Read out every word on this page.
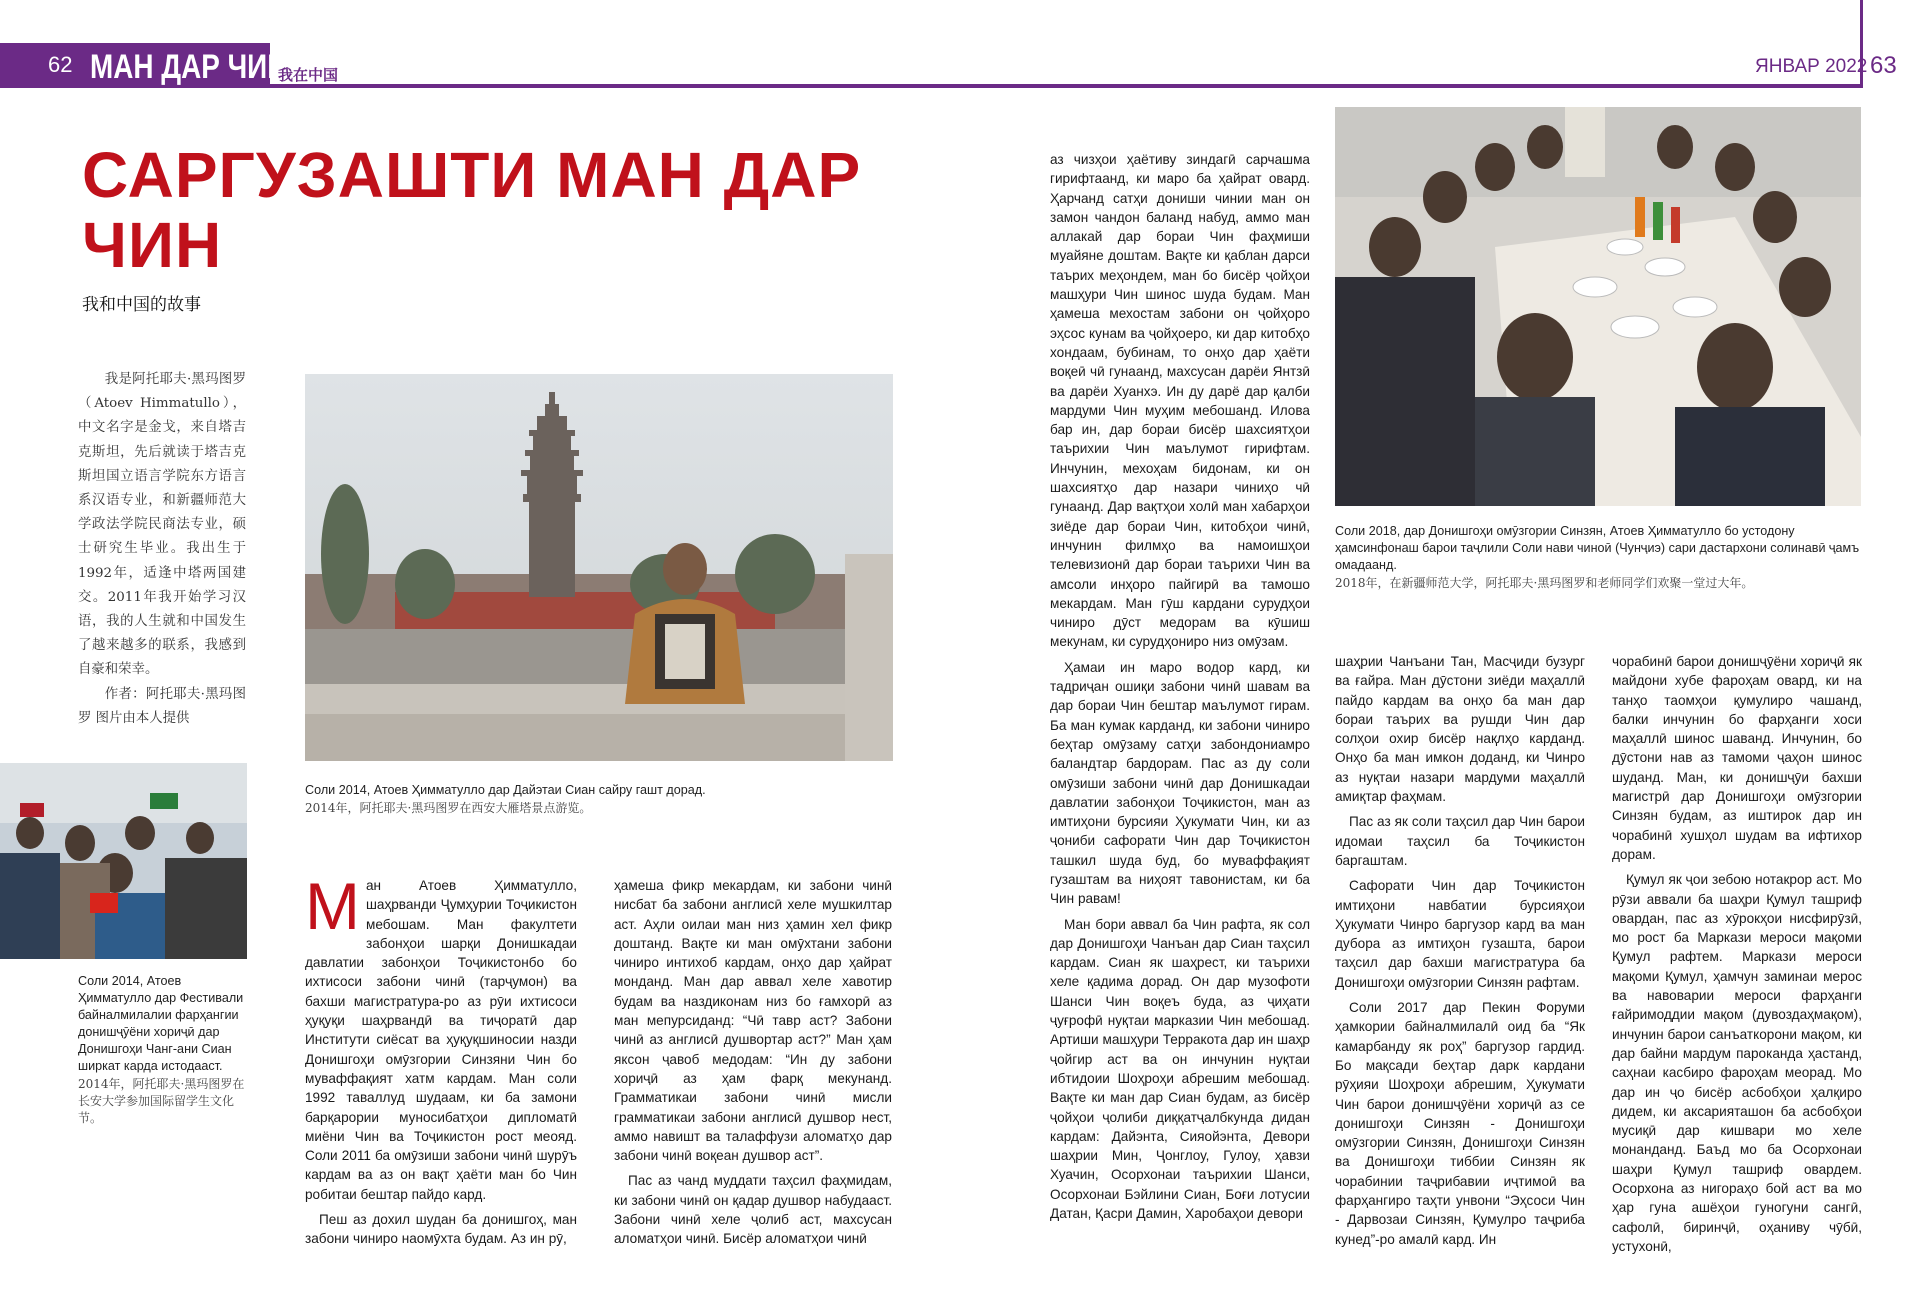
62 МАН ДАР ЧИН
我在中国	ЯНВАР 2022 63
САРГУЗАШТИ МАН ДАР ЧИН
我和中国的故事

我是阿托耶夫·黑玛图罗（Atoev Himmatullo），中文名字是金戈，来自塔吉克斯坦，先后就读于塔吉克斯坦国立语言学院东方语言系汉语专业，和新疆师范大学政法学院民商法专业，硕士研究生毕业。我出生于1992年，适逢中塔两国建交。2011年我开始学习汉语，我的人生就和中国发生了越来越多的联系，我感到自豪和荣幸。

作者：阿托耶夫·黑玛图罗 图片由本人提供

Соли 2014, Атоев Ҳимматулло дар Дайэтаи Сиан сайру гашт дорад.
2014年，阿托耶夫·黑玛图罗在西安大雁塔景点游览。
Соли 2014, Атоев Ҳимматулло дар Фестивали байналмилалии фарҳангии донишҷӯёни хориҷӣ дар Донишгоҳи Чанг-ани Сиан ширкат карда истодааст.
2014年，阿托耶夫·黑玛图罗在长安大学参加国际留学生文化节。
Соли 2018, дар Донишгоҳи омӯзгории Синзян, Атоев Ҳимматулло бо устодону ҳамсинфонаш барои таҷлили Соли нави чиноӣ (Чунҷиэ) сари дастархони солинавӣ ҷамъ омадаанд.
2018年，在新疆师范大学，阿托耶夫·黑玛图罗和老师同学们欢聚一堂过大年。
М ан Атоев Ҳимматулло, шаҳрванди Ҷумҳурии Тоҷикистон мебошам. Ман факултети забонҳои шарқи Донишкадаи давлатии забонҳои Тоҷикистонбо бо ихтисоси забони чинӣ (тарҷумон) ва бахши магистратура-ро аз рӯи ихтисоси ҳуқуқи шаҳрвандӣ ва тиҷоратӣ дар Институти сиёсат ва ҳуқуқшиносии назди Донишгоҳи омӯзгории Синзяни Чин бо муваффақият хатм кардам. Ман соли 1992 таваллуд шудаам, ки ба замони барқарории муносибатҳои дипломатӣ миёни Чин ва Тоҷикистон рост меояд. Соли 2011 ба омӯзиши забони чинӣ шурӯъ кардам ва аз он вақт ҳаёти ман бо Чин робитаи бештар пайдо кард.

Пеш аз дохил шудан ба донишгоҳ, ман забони чиниро наомӯхта будам. Аз ин рӯ,

ҳамеша фикр мекардам, ки забони чинӣ нисбат ба забони англисӣ хеле мушкилтар аст. Аҳли оилаи ман низ ҳамин хел фикр доштанд. Вақте ки ман омӯхтани забони чиниро интихоб кардам, онҳо дар ҳайрат монданд. Ман дар аввал хеле хавотир будам ва наздиконам низ бо ғамхорӣ аз ман мепурсиданд: “Чӣ тавр аст? Забони чинӣ аз англисӣ душвортар аст?” Ман ҳам яксон ҷавоб медодам: “Ин ду забони хориҷӣ аз ҳам фарқ мекунанд. Грамматикаи забони чинӣ мисли грамматикаи забони англисӣ душвор нест, аммо навишт ва талаффузи аломатҳо дар забони чинӣ воқеан душвор аст”.

Пас аз чанд муддати таҳсил фаҳмидам, ки забони чинӣ он қадар душвор набудааст. Забони чинӣ хеле ҷолиб аст, махсусан аломатҳои чинӣ. Бисёр аломатҳои чинӣ

аз чизҳои ҳаётиву зиндагӣ сарчашма гирифтаанд, ки маро ба ҳайрат овард. Ҳарчанд сатҳи дониши чинии ман он замон чандон баланд набуд, аммо ман аллакай дар бораи Чин фаҳмиши муайяне доштам. Вақте ки қаблан дарси таърих меҳондем, ман бо бисёр ҷойҳои машҳури Чин шинос шуда будам. Ман ҳамеша мехостам забони он ҷойҳоро эҳсос кунам ва ҷойҳоеро, ки дар китобҳо хондаам, бубинам, то онҳо дар ҳаёти воқеӣ чӣ гунаанд, махсусан дарёи Янтзӣ ва дарёи Хуанхэ. Ин ду дарё дар қалби мардуми Чин муҳим мебошанд. Илова бар ин, дар бораи бисёр шахсиятҳои таърихии Чин маълумот гирифтам. Инчунин, мехоҳам бидонам, ки он шахсиятҳо дар назари чиниҳо чӣ гунаанд. Дар вақтҳои холӣ ман хабарҳои зиёде дар бораи Чин, китобҳои чинӣ, инчунин филмҳо ва намоишҳои телевизионӣ дар бораи таърихи Чин ва амсоли инҳоро пайгирӣ ва тамошо мекардам. Ман гӯш кардани сурудҳои чиниро дӯст медорам ва кӯшиш мекунам, ки сурудҳониро низ омӯзам.

Ҳамаи ин маро водор кард, ки тадриҷан ошиқи забони чинӣ шавам ва дар бораи Чин бештар маълумот гирам. Ба ман кумак карданд, ки забони чиниро беҳтар омӯзаму сатҳи забондониамро баландтар бардорам. Пас аз ду соли омӯзиши забони чинӣ дар Донишкадаи давлатии забонҳои Тоҷикистон, ман аз имтиҳони бурсияи Ҳукумати Чин, ки аз ҷониби сафорати Чин дар Тоҷикистон ташкил шуда буд, бо муваффақият гузаштам ва ниҳоят тавонистам, ки ба Чин равам!

Ман бори аввал ба Чин рафта, як сол дар Донишгоҳи Чанъан дар Сиан таҳсил кардам. Сиан як шаҳрест, ки таърихи хеле қадима дорад. Он дар музофоти Шанси Чин воқеъ буда, аз ҷиҳати ҷуғрофӣ нуқтаи марказии Чин мебошад. Артиши машҳури Терракота дар ин шаҳр ҷойгир аст ва он инчунин нуқтаи ибтидоии Шоҳроҳи абрешим мебошад. Вақте ки ман дар Сиан будам, аз бисёр ҷойҳои ҷолиби диққатҷалбкунда дидан кардам: Дайэнта, Сияойэнта, Девори шаҳрии Мин, Ҷонглоу, Гулоу, ҳавзи Хуачин, Осорхонаи таърихии Шанси, Осорхонаи Бэйлини Сиан, Боғи лотусии Датан, Қасри Дамин, Харобаҳои девори

шаҳрии Чанъани Тан, Масҷиди бузург ва ғайра. Ман дӯстони зиёди маҳаллӣ пайдо кардам ва онҳо ба ман дар бораи таърих ва рушди Чин дар солҳои охир бисёр нақлҳо карданд. Онҳо ба ман имкон доданд, ки Чинро аз нуқтаи назари мардуми маҳаллӣ амиқтар фаҳмам.

Пас аз як соли таҳсил дар Чин барои идомаи таҳсил ба Тоҷикистон баргаштам.

Сафорати Чин дар Тоҷикистон имтиҳони навбатии бурсияҳои Ҳукумати Чинро баргузор кард ва ман дубора аз имтиҳон гузашта, барои таҳсил дар бахши магистратура ба Донишгоҳи омӯзгории Синзян рафтам.

Соли 2017 дар Пекин Форуми ҳамкории байналмилалӣ оид ба “Як камарбанду як роҳ” баргузор гардид. Бо мақсади беҳтар дарк кардани рӯҳияи Шоҳроҳи абрешим, Ҳукумати Чин барои донишҷӯёни хориҷӣ аз се донишгоҳи Синзян - Донишгоҳи омӯзгории Синзян, Донишгоҳи Синзян ва Донишгоҳи тиббии Синзян як чорабинии таҷрибавии иҷтимоӣ ва фарҳангиро таҳти унвони “Эҳсоси Чин - Дарвозаи Синзян, Қумулро таҷриба кунед”-ро амалӣ кард. Ин

чорабинӣ барои донишҷӯёни хориҷӣ як майдони хубе фароҳам овард, ки на танҳо таомҳои қумулиро чашанд, балки инчунин бо фарҳанги хоси маҳаллӣ шинос шаванд. Инчунин, бо дӯстони нав аз тамоми ҷаҳон шинос шуданд. Ман, ки донишҷӯи бахши магистрӣ дар Донишгоҳи омӯзгории Синзян будам, аз иштирок дар ин чорабинӣ хушҳол шудам ва ифтихор дорам.

Қумул як ҷои зебою нотакрор аст. Мо рӯзи аввали ба шаҳри Қумул ташриф овардан, пас аз хӯрокҳои нисфирӯзӣ, мо рост ба Маркази мероси мақоми Қумул рафтем. Маркази мероси мақоми Қумул, ҳамчун заминаи мерос ва навоварии мероси фарҳанги ғайримоддии мақом (дувоздаҳмақом), инчунин барои санъаткорони мақом, ки дар байни мардум парокандa ҳастанд, саҳнаи касбиро фароҳам меорад. Мо дар ин ҷо бисёр асбобҳои ҳалқиро дидем, ки аксарияташон ба асбобҳои мусиқӣ дар кишвари мо хеле монанданд. Баъд мо ба Осорхонаи шаҳри Қумул ташриф овардем. Осорхона аз нигораҳо бой аст ва мо ҳар гуна ашёҳои гуногуни сангӣ, сафолӣ, биринҷӣ, оҳаниву чӯбӣ, устухонӣ,
